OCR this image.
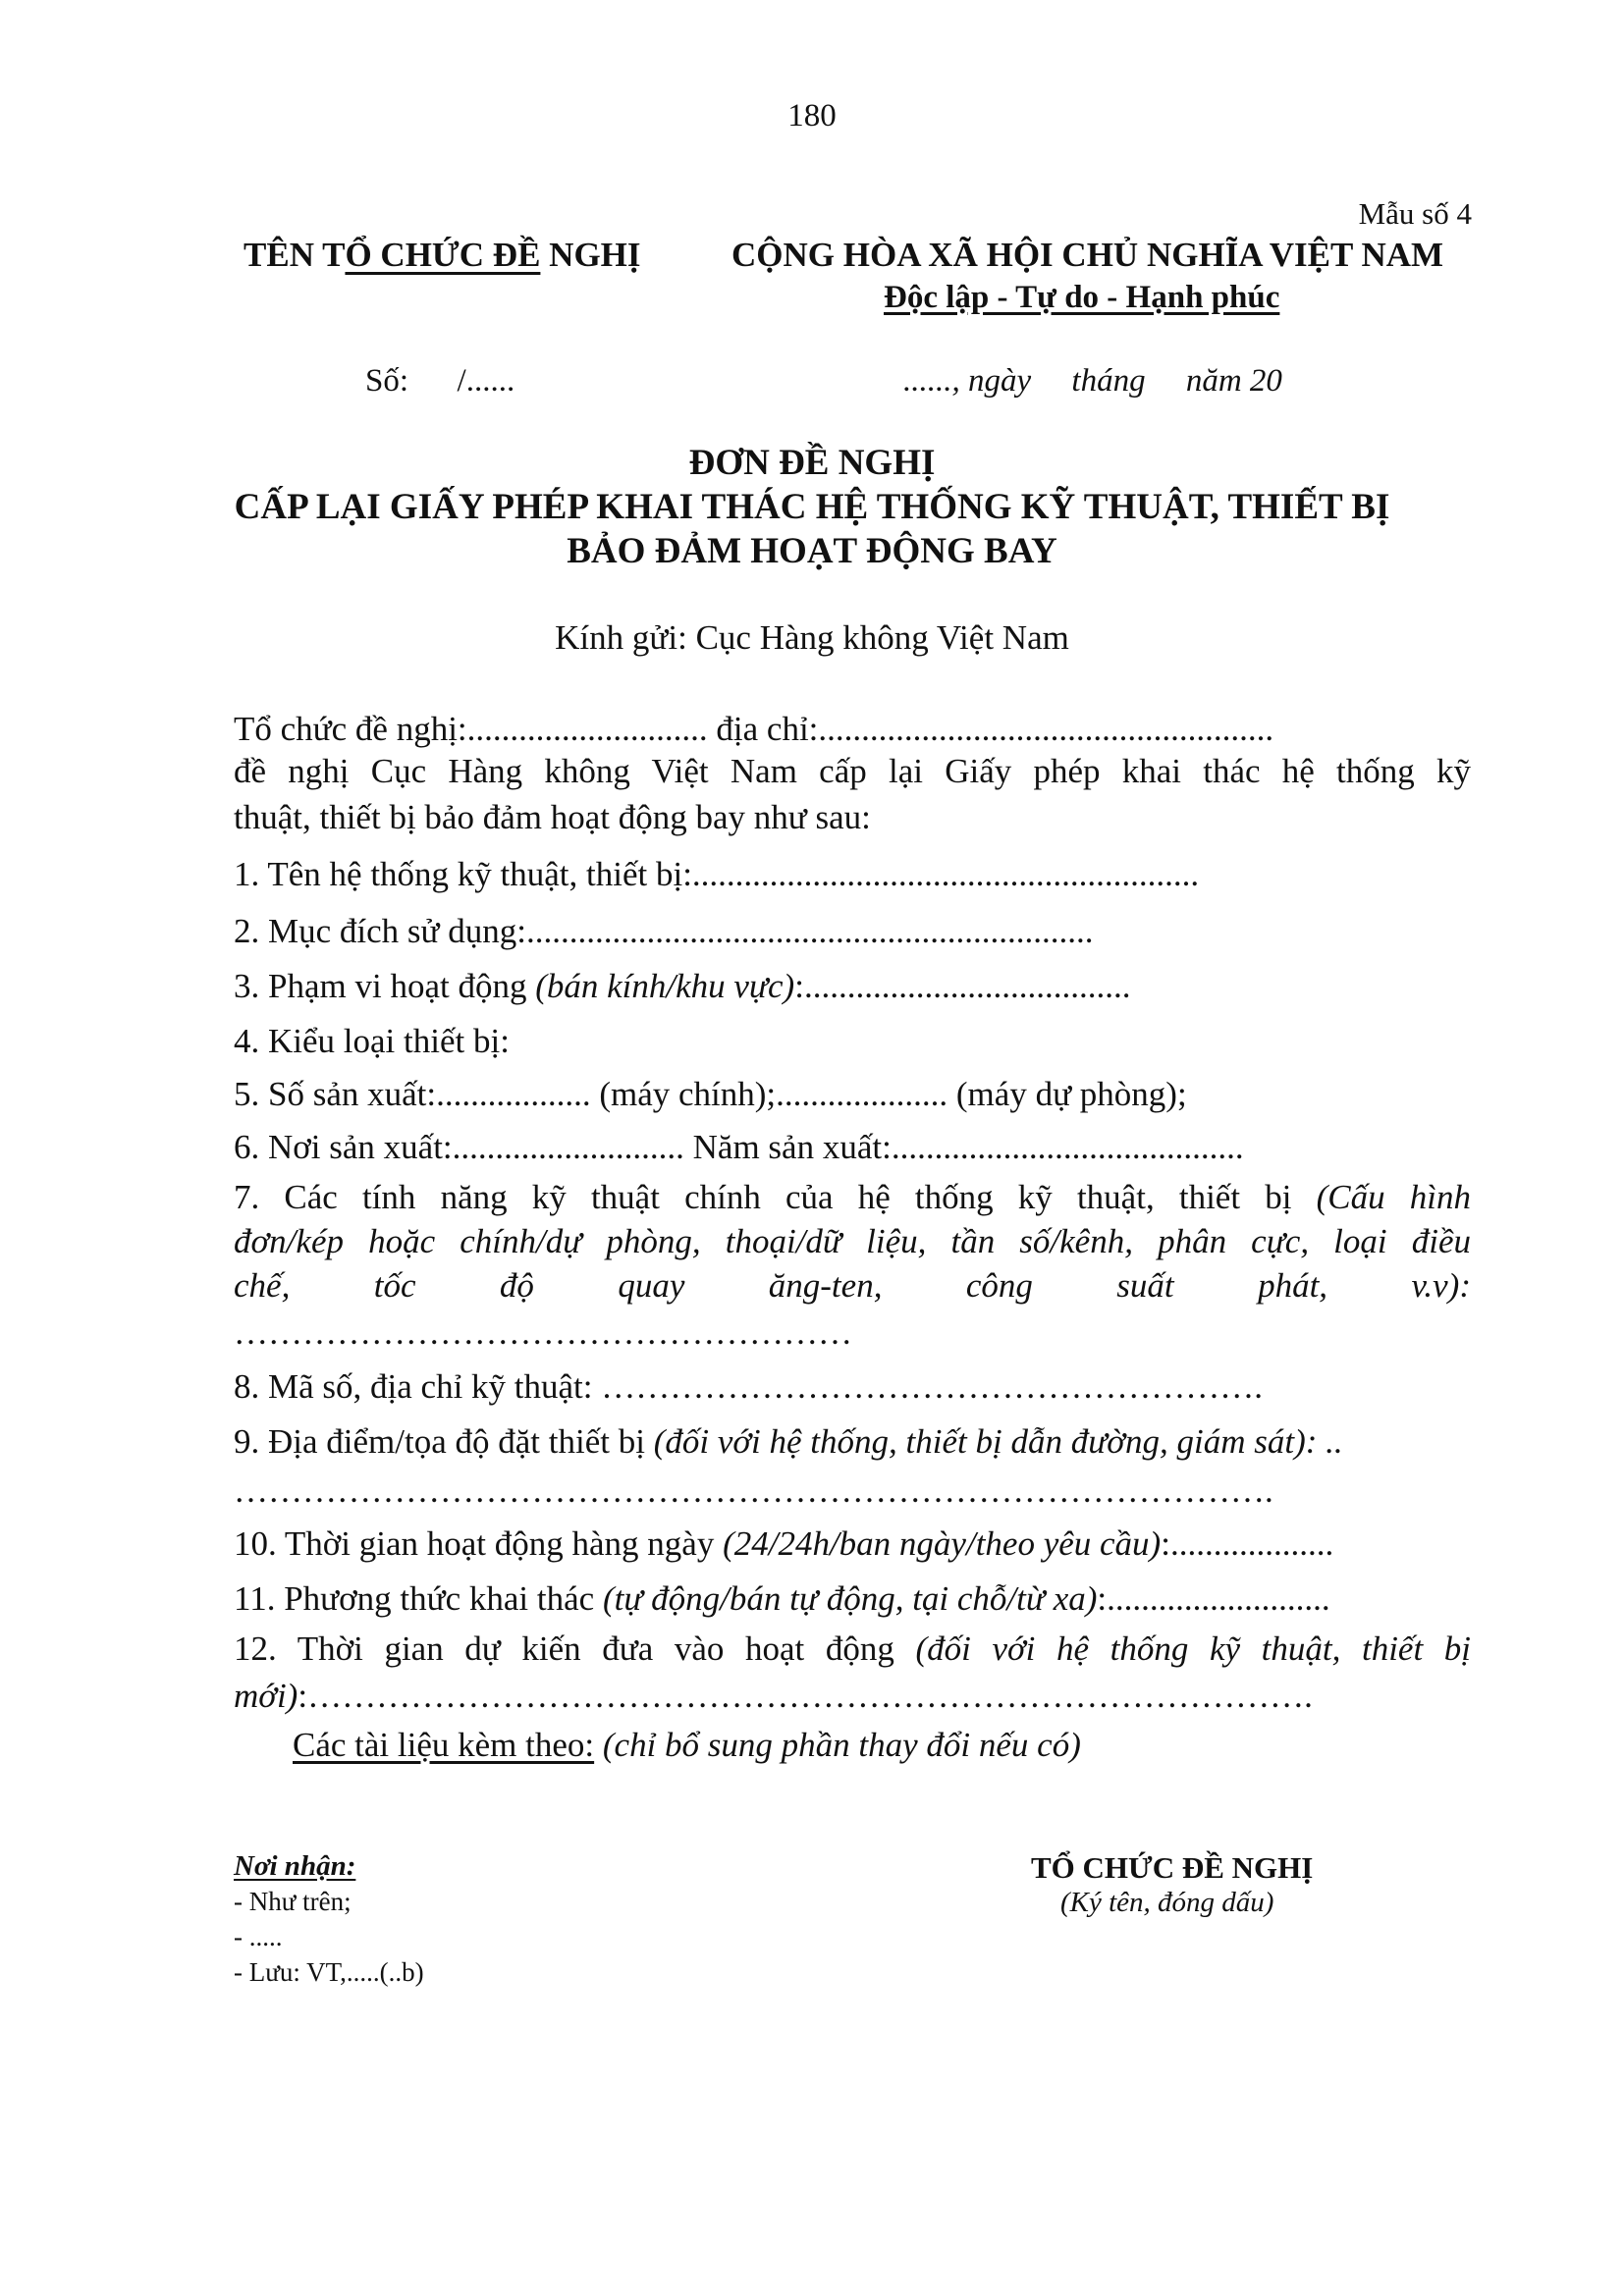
180
Mẫu số 4
TÊN TỔ CHỨC ĐỀ NGHỊ	CỘNG HÒA XÃ HỘI CHỦ NGHĨA VIỆT NAM
Độc lập - Tự do - Hạnh phúc
Số:      /......	......, ngày     tháng     năm 20
ĐƠN ĐỀ NGHỊ
CẤP LẠI GIẤY PHÉP KHAI THÁC HỆ THỐNG KỸ THUẬT, THIẾT BỊ
BẢO ĐẢM HOẠT ĐỘNG BAY
Kính gửi: Cục Hàng không Việt Nam
Tổ chức đề nghị:............................ địa chỉ:.....................................................
đề nghị Cục Hàng không Việt Nam cấp lại Giấy phép khai thác hệ thống kỹ
thuật, thiết bị bảo đảm hoạt động bay như sau:
1. Tên hệ thống kỹ thuật, thiết bị:...........................................................
2. Mục đích sử dụng:..................................................................
3. Phạm vi hoạt động (bán kính/khu vực):......................................
4. Kiểu loại thiết bị:
5. Số sản xuất:.................. (máy chính);.................... (máy dự phòng);
6. Nơi sản xuất:........................... Năm sản xuất:.........................................
7. Các tính năng kỹ thuật chính của hệ thống kỹ thuật, thiết bị (Cấu hình
đơn/kép hoặc chính/dự phòng, thoại/dữ liệu, tần số/kênh, phân cực, loại điều
chế, tốc độ quay ăng-ten, công suất phát, v.v):
………………………………………………
8. Mã số, địa chỉ kỹ thuật: ………………………………………………….
9. Địa điểm/tọa độ đặt thiết bị (đối với hệ thống, thiết bị dẫn đường, giám sát): ..
……………………………………………………………………………….
10. Thời gian hoạt động hàng ngày (24/24h/ban ngày/theo yêu cầu):...................
11. Phương thức khai thác (tự động/bán tự động, tại chỗ/từ xa):..........................
12. Thời gian dự kiến đưa vào hoạt động (đối với hệ thống kỹ thuật, thiết bị
mới):…………………………………………………………………………….
Các tài liệu kèm theo: (chỉ bổ sung phần thay đổi nếu có)
Nơi nhận:
- Như trên;
- .....
- Lưu: VT,.....(..b)
TỔ CHỨC ĐỀ NGHỊ
(Ký tên, đóng dấu)
